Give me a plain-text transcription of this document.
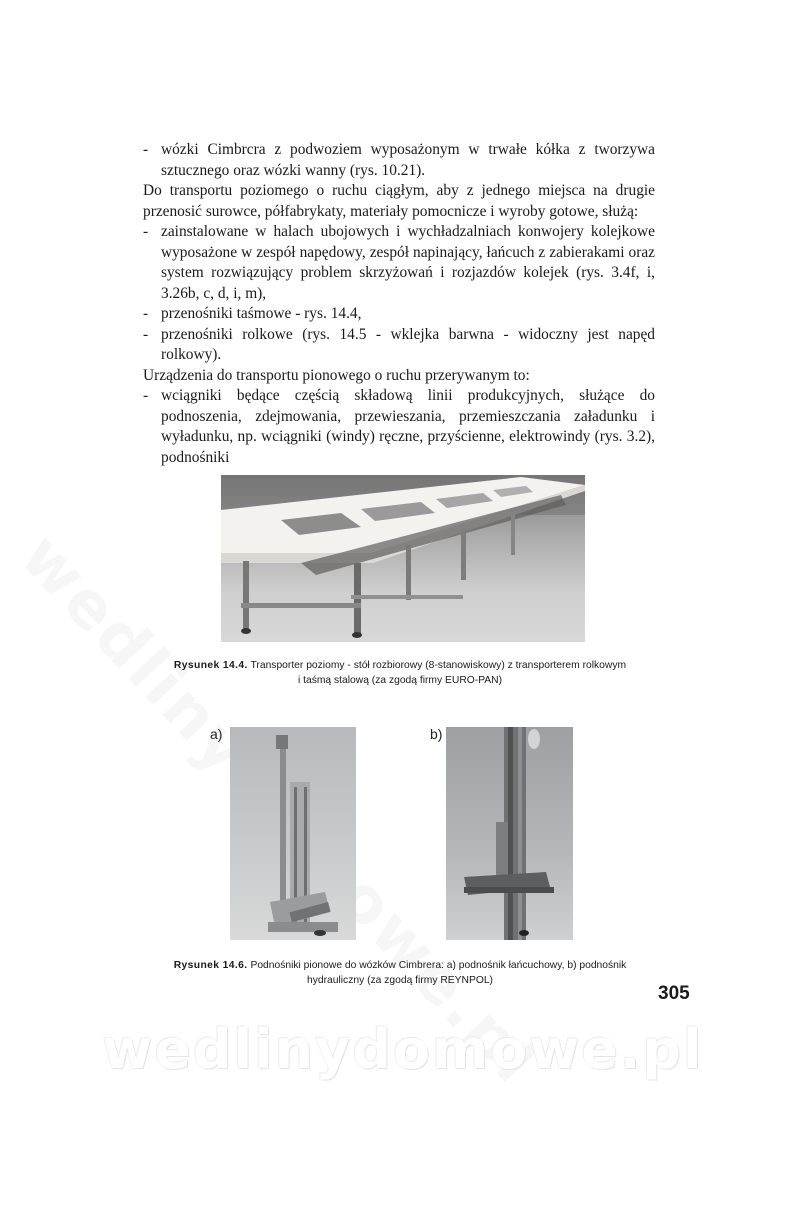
- wózki Cimbrcra z podwoziem wyposażonym w trwałe kółka z tworzywa sztucznego oraz wózki wanny (rys. 10.21).

Do transportu poziomego o ruchu ciągłym, aby z jednego miejsca na drugie przenosić surowce, półfabrykaty, materiały pomocnicze i wyroby gotowe, służą:

- zainstalowane w halach ubojowych i wychładzalniach konwojery kolejkowe wyposażone w zespół napędowy, zespół napinający, łańcuch z zabierakami oraz system rozwiązujący problem skrzyżowań i rozjazdów kolejek (rys. 3.4f, i, 3.26b, c, d, i, m),
- przenośniki taśmowe - rys. 14.4,
- przenośniki rolkowe (rys. 14.5 - wklejka barwna - widoczny jest napęd rolkowy).

Urządzenia do transportu pionowego o ruchu przerywanym to:

- wciągniki będące częścią składową linii produkcyjnych, służące do podnoszenia, zdejmowania, przewieszania, przemieszczania załadunku i wyładunku, np. wciągniki (windy) ręczne, przyścienne, elektrowindy (rys. 3.2), podnośniki
Rysunek 14.4. Transporter poziomy - stół rozbiorowy (8-stanowiskowy) z transporterem rolkowym
i taśmą stalową (za zgodą firmy EURO-PAN)
a)	b)
Rysunek 14.6. Podnośniki pionowe do wózków Cimbrera: a) podnośnik łańcuchowy, b) podnośnik
hydrauliczny (za zgodą firmy REYNPOL)
305
wedlinydomowe.pl
